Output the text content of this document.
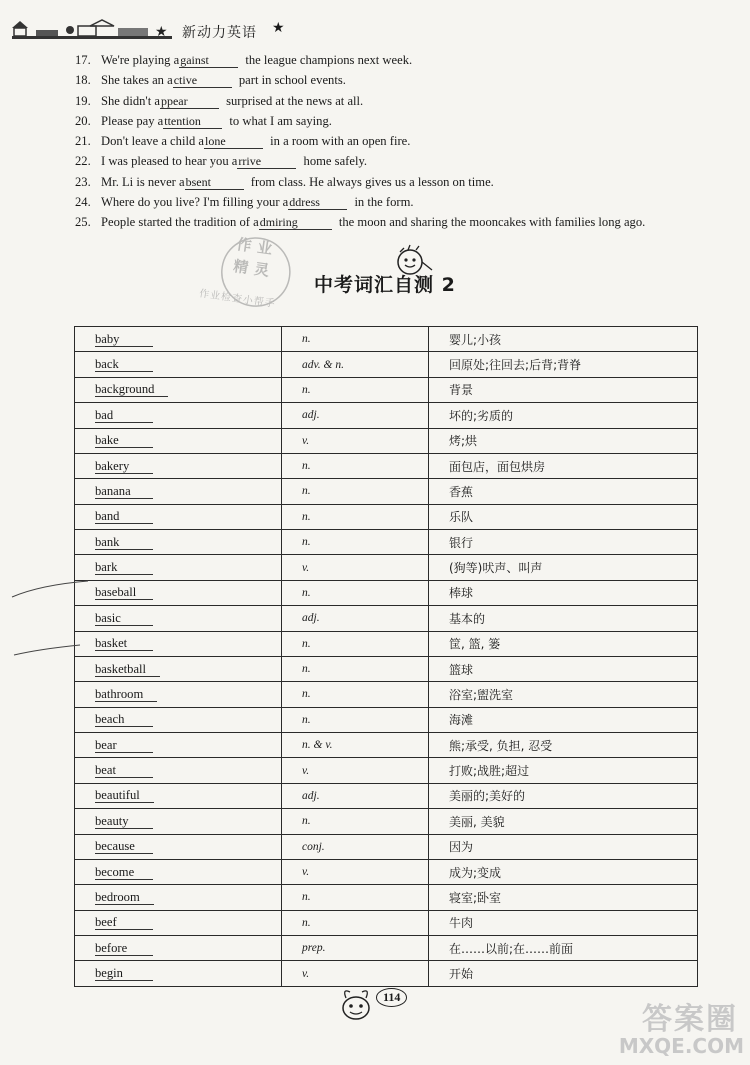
★ 新动力英语 ★
17. We're playing against	the league champions next week.
18. She takes an active	part in school events.
19. She didn't appear	surprised at the news at all.
20. Please pay attention to what I am saying.
21. Don't leave a child alone	in a room with an open fire.
22. I was pleased to hear you arrive	home safely.
23. Mr. Li is never absent	from class. He always gives us a lesson on time.
24. Where do you live? I'm filling your address	in the form.
25. People started the tradition of admiring	the moon and sharing the mooncakes with families long ago.
作业
精灵
作业检查小帮手
中考词汇自测 2
baby	n.	婴儿;小孩
back	adv. & n.	回原处;往回去;后背;背脊
background	n.	背景
bad	adj.	坏的;劣质的
bake	v.	烤;烘
bakery	n.	面包店，面包烘房
banana	n.	香蕉
band	n.	乐队
bank	n.	银行
bark	v.	(狗等)吠声、叫声
baseball	n.	棒球
basic	adj.	基本的
basket	n.	筐, 篮, 篓
basketball	n.	篮球
bathroom	n.	浴室;盥洗室
beach	n.	海滩
bear	n. & v.	熊;承受, 负担, 忍受
beat	v.	打败;战胜;超过
beautiful	adj.	美丽的;美好的
beauty	n.	美丽, 美貌
because	conj.	因为
become	v.	成为;变成
bedroom	n.	寝室;卧室
beef	n.	牛肉
before	prep.	在……以前;在……前面
begin	v.	开始
114
答案圈
MXQE.COM
